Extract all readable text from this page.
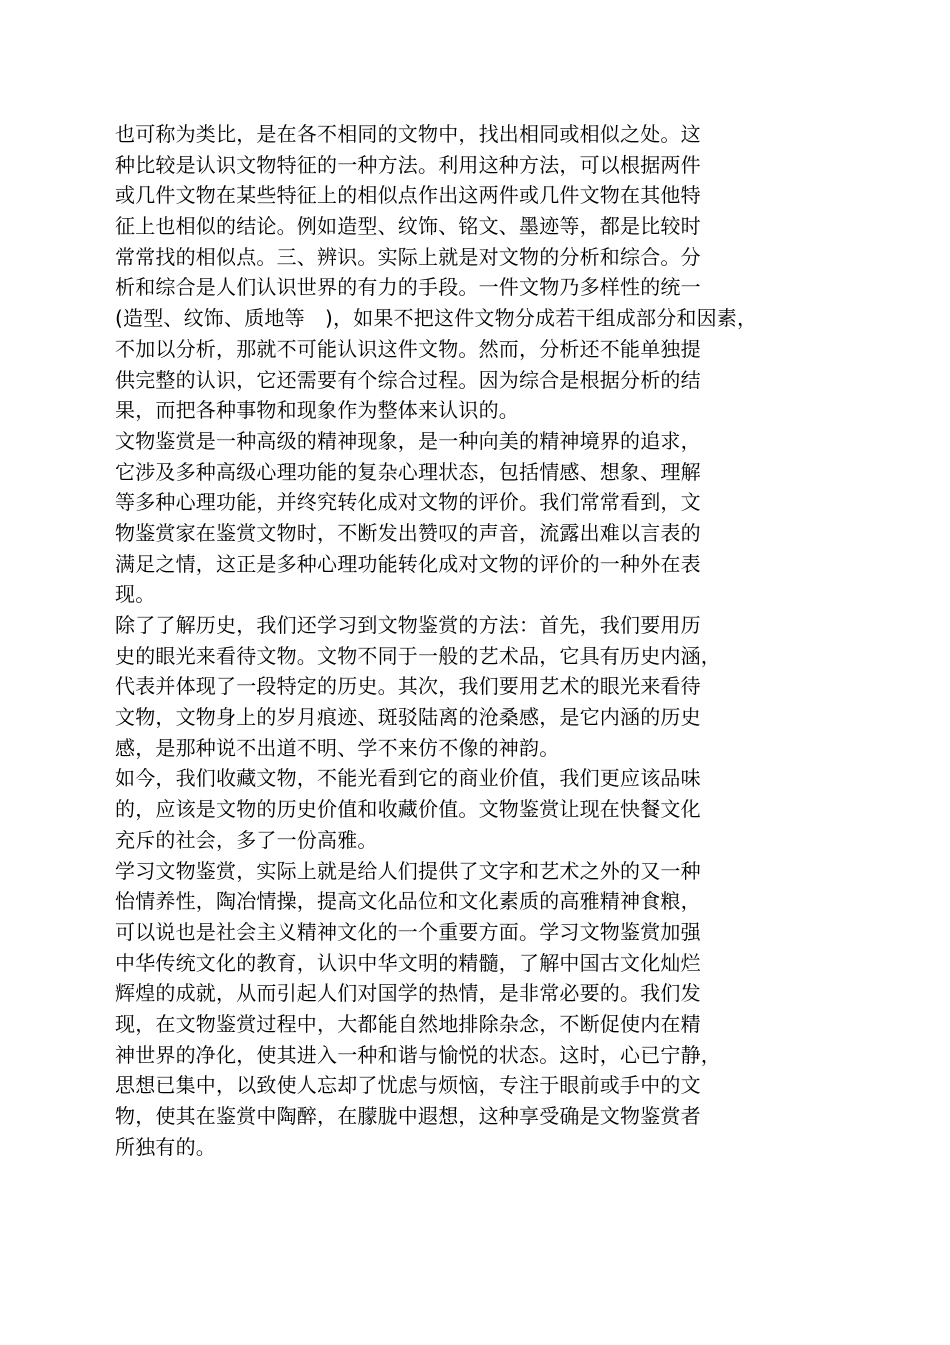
也可称为类比，是在各不相同的文物中，找出相同或相似之处。这
种比较是认识文物特征的一种方法。利用这种方法，可以根据两件
或几件文物在某些特征上的相似点作出这两件或几件文物在其他特
征上也相似的结论。例如造型、纹饰、铭文、墨迹等，都是比较时
常常找的相似点。三、辨识。实际上就是对文物的分析和综合。分
析和综合是人们认识世界的有力的手段。一件文物乃多样性的统一
(造型、纹饰、质地等　)，如果不把这件文物分成若干组成部分和因素，
不加以分析，那就不可能认识这件文物。然而，分析还不能单独提
供完整的认识，它还需要有个综合过程。因为综合是根据分析的结
果，而把各种事物和现象作为整体来认识的。
文物鉴赏是一种高级的精神现象，是一种向美的精神境界的追求，
它涉及多种高级心理功能的复杂心理状态，包括情感、想象、理解
等多种心理功能，并终究转化成对文物的评价。我们常常看到，文
物鉴赏家在鉴赏文物时，不断发出赞叹的声音，流露出难以言表的
满足之情，这正是多种心理功能转化成对文物的评价的一种外在表
现。
除了了解历史，我们还学习到文物鉴赏的方法：首先，我们要用历
史的眼光来看待文物。文物不同于一般的艺术品，它具有历史内涵，
代表并体现了一段特定的历史。其次，我们要用艺术的眼光来看待
文物，文物身上的岁月痕迹、斑驳陆离的沧桑感，是它内涵的历史
感，是那种说不出道不明、学不来仿不像的神韵。
如今，我们收藏文物，不能光看到它的商业价值，我们更应该品味
的，应该是文物的历史价值和收藏价值。文物鉴赏让现在快餐文化
充斥的社会，多了一份高雅。
学习文物鉴赏，实际上就是给人们提供了文字和艺术之外的又一种
怡情养性，陶冶情操，提高文化品位和文化素质的高雅精神食粮，
可以说也是社会主义精神文化的一个重要方面。学习文物鉴赏加强
中华传统文化的教育，认识中华文明的精髓，了解中国古文化灿烂
辉煌的成就，从而引起人们对国学的热情，是非常必要的。我们发
现，在文物鉴赏过程中，大都能自然地排除杂念，不断促使内在精
神世界的净化，使其进入一种和谐与愉悦的状态。这时，心已宁静，
思想已集中，以致使人忘却了忧虑与烦恼，专注于眼前或手中的文
物，使其在鉴赏中陶醉，在朦胧中遐想，这种享受确是文物鉴赏者
所独有的。
